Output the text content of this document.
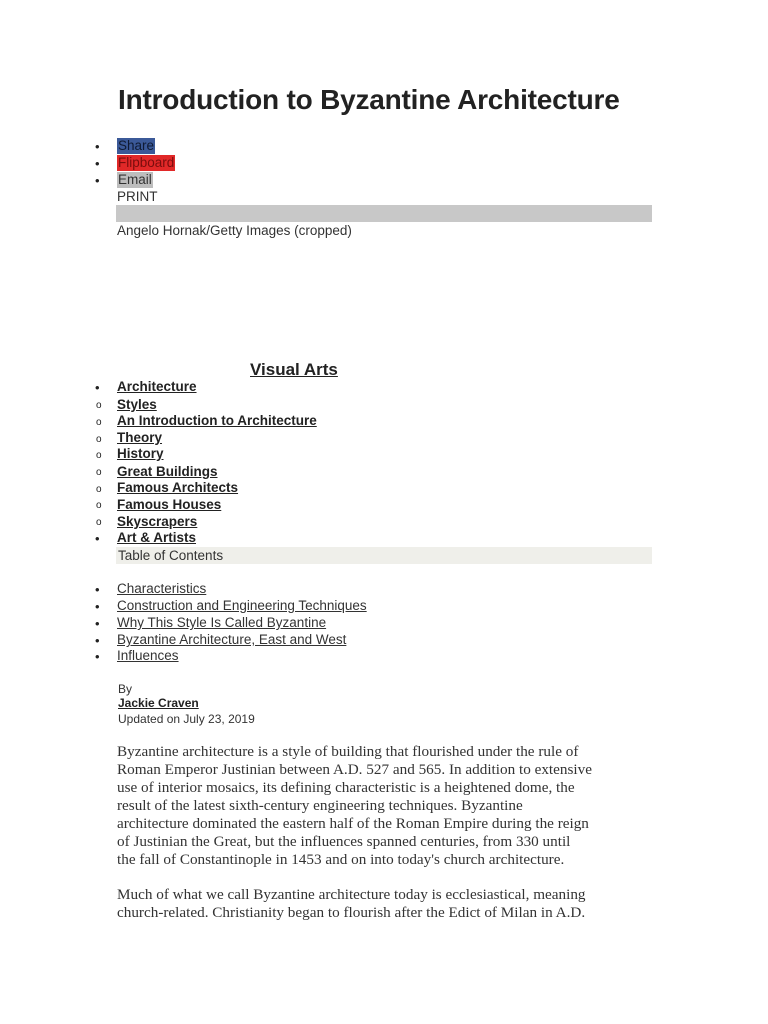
Introduction to Byzantine Architecture
•
•
•
Share
Flipboard
Email
PRINT
Angelo Hornak/Getty Images (cropped)
Visual Arts
• Architecture
o Styles
o An Introduction to Architecture
o Theory
o History
o Great Buildings
o Famous Architects
o Famous Houses
o Skyscrapers
• Art & Artists
Table of Contents
• Characteristics
• Construction and Engineering Techniques
• Why This Style Is Called Byzantine
• Byzantine Architecture, East and West
• Influences
By
Jackie Craven
Updated on July 23, 2019
Byzantine architecture is a style of building that flourished under the rule of
Roman Emperor Justinian between A.D. 527 and 565. In addition to extensive
use of interior mosaics, its defining characteristic is a heightened dome, the
result of the latest sixth-century engineering techniques. Byzantine
architecture dominated the eastern half of the Roman Empire during the reign
of Justinian the Great, but the influences spanned centuries, from 330 until
the fall of Constantinople in 1453 and on into today's church architecture.
Much of what we call Byzantine architecture today is ecclesiastical, meaning
church-related. Christianity began to flourish after the Edict of Milan in A.D.
